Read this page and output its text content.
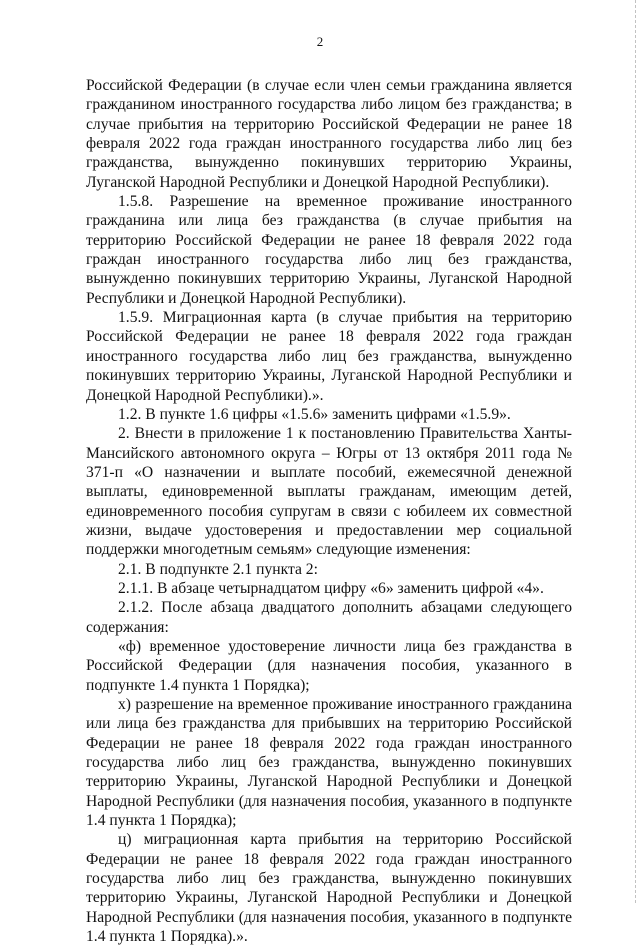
2

Российской Федерации (в случае если член семьи гражданина является гражданином иностранного государства либо лицом без гражданства; в случае прибытия на территорию Российской Федерации не ранее 18 февраля 2022 года граждан иностранного государства либо лиц без гражданства, вынужденно покинувших территорию Украины, Луганской Народной Республики и Донецкой Народной Республики).

1.5.8. Разрешение на временное проживание иностранного гражданина или лица без гражданства (в случае прибытия на территорию Российской Федерации не ранее 18 февраля 2022 года граждан иностранного государства либо лиц без гражданства, вынужденно покинувших территорию Украины, Луганской Народной Республики и Донецкой Народной Республики).

1.5.9. Миграционная карта (в случае прибытия на территорию Российской Федерации не ранее 18 февраля 2022 года граждан иностранного государства либо лиц без гражданства, вынужденно покинувших территорию Украины, Луганской Народной Республики и Донецкой Народной Республики).».

1.2. В пункте 1.6 цифры «1.5.6» заменить цифрами «1.5.9».

2. Внести в приложение 1 к постановлению Правительства Ханты-Мансийского автономного округа – Югры от 13 октября 2011 года № 371-п «О назначении и выплате пособий, ежемесячной денежной выплаты, единовременной выплаты гражданам, имеющим детей, единовременного пособия супругам в связи с юбилеем их совместной жизни, выдаче удостоверения и предоставлении мер социальной поддержки многодетным семьям» следующие изменения:

2.1. В подпункте 2.1 пункта 2:

2.1.1. В абзаце четырнадцатом цифру «6» заменить цифрой «4».

2.1.2. После абзаца двадцатого дополнить абзацами следующего содержания:

«ф) временное удостоверение личности лица без гражданства в Российской Федерации (для назначения пособия, указанного в подпункте 1.4 пункта 1 Порядка);

х) разрешение на временное проживание иностранного гражданина или лица без гражданства для прибывших на территорию Российской Федерации не ранее 18 февраля 2022 года граждан иностранного государства либо лиц без гражданства, вынужденно покинувших территорию Украины, Луганской Народной Республики и Донецкой Народной Республики (для назначения пособия, указанного в подпункте 1.4 пункта 1 Порядка);

ц) миграционная карта прибытия на территорию Российской Федерации не ранее 18 февраля 2022 года граждан иностранного государства либо лиц без гражданства, вынужденно покинувших территорию Украины, Луганской Народной Республики и Донецкой Народной Республики (для назначения пособия, указанного в подпункте 1.4 пункта 1 Порядка).».
